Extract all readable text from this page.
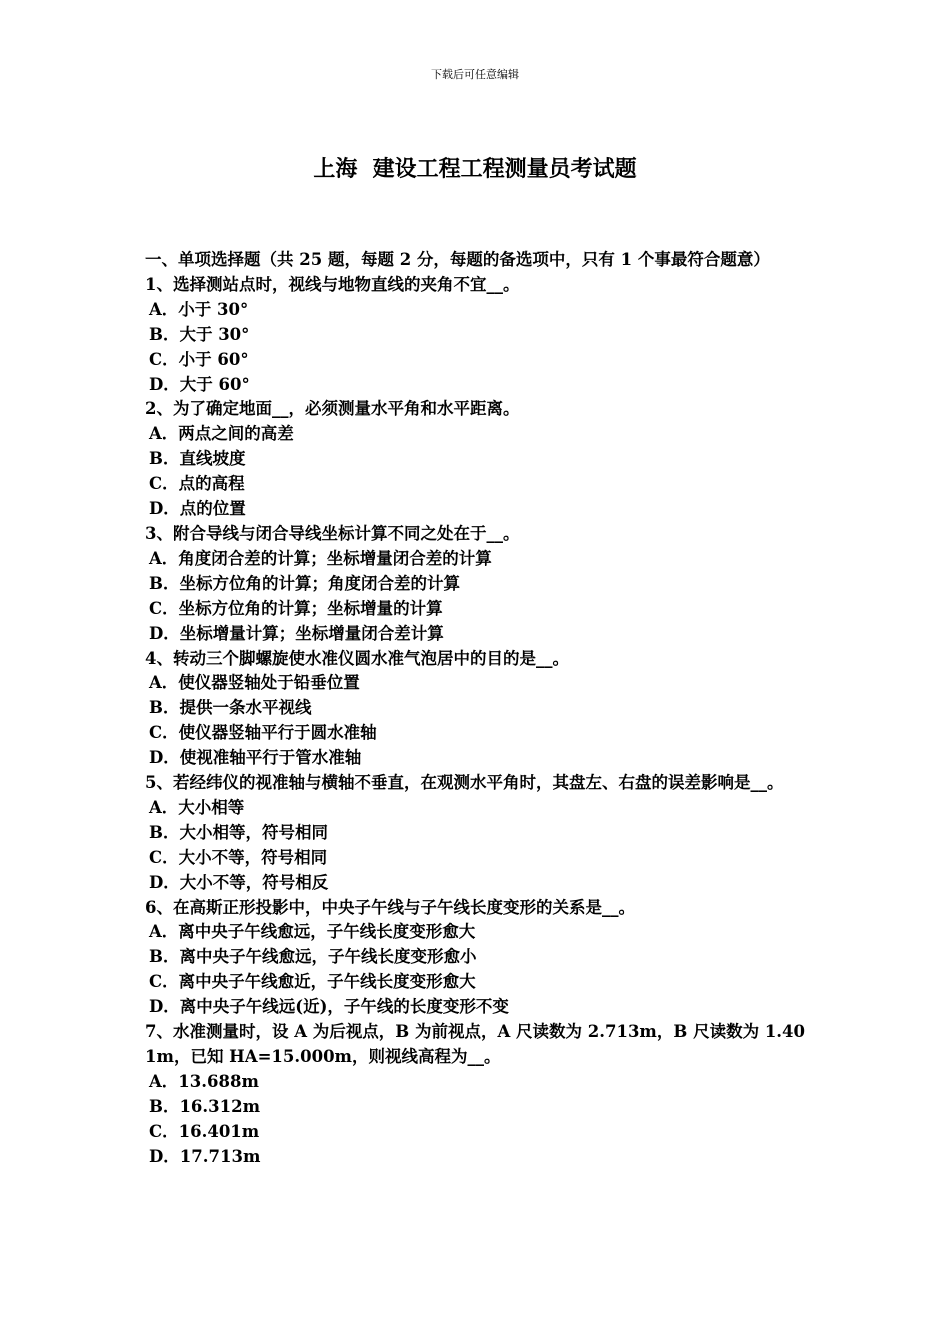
下载后可任意编辑
上海  建设工程工程测量员考试题
一、单项选择题（共 25 题，每题 2 分，每题的备选项中，只有 1 个事最符合题意）
1、选择测站点时，视线与地物直线的夹角不宜__。
A．小于 30°
B．大于 30°
C．小于 60°
D．大于 60°
2、为了确定地面__，必须测量水平角和水平距离。
A．两点之间的高差
B．直线坡度
C．点的高程
D．点的位置
3、附合导线与闭合导线坐标计算不同之处在于__。
A．角度闭合差的计算；坐标增量闭合差的计算
B．坐标方位角的计算；角度闭合差的计算
C．坐标方位角的计算；坐标增量的计算
D．坐标增量计算；坐标增量闭合差计算
4、转动三个脚螺旋使水准仪圆水准气泡居中的目的是__。
A．使仪器竖轴处于铅垂位置
B．提供一条水平视线
C．使仪器竖轴平行于圆水准轴
D．使视准轴平行于管水准轴
5、若经纬仪的视准轴与横轴不垂直，在观测水平角时，其盘左、右盘的误差影响是__。
A．大小相等
B．大小相等，符号相同
C．大小不等，符号相同
D．大小不等，符号相反
6、在高斯正形投影中，中央子午线与子午线长度变形的关系是__。
A．离中央子午线愈远，子午线长度变形愈大
B．离中央子午线愈远，子午线长度变形愈小
C．离中央子午线愈近，子午线长度变形愈大
D．离中央子午线远(近)，子午线的长度变形不变
7、水准测量时，设 A 为后视点，B 为前视点，A 尺读数为 2.713m，B 尺读数为 1.401m，已知 HA=15.000m，则视线高程为__。
A．13.688m
B．16.312m
C．16.401m
D．17.713m
